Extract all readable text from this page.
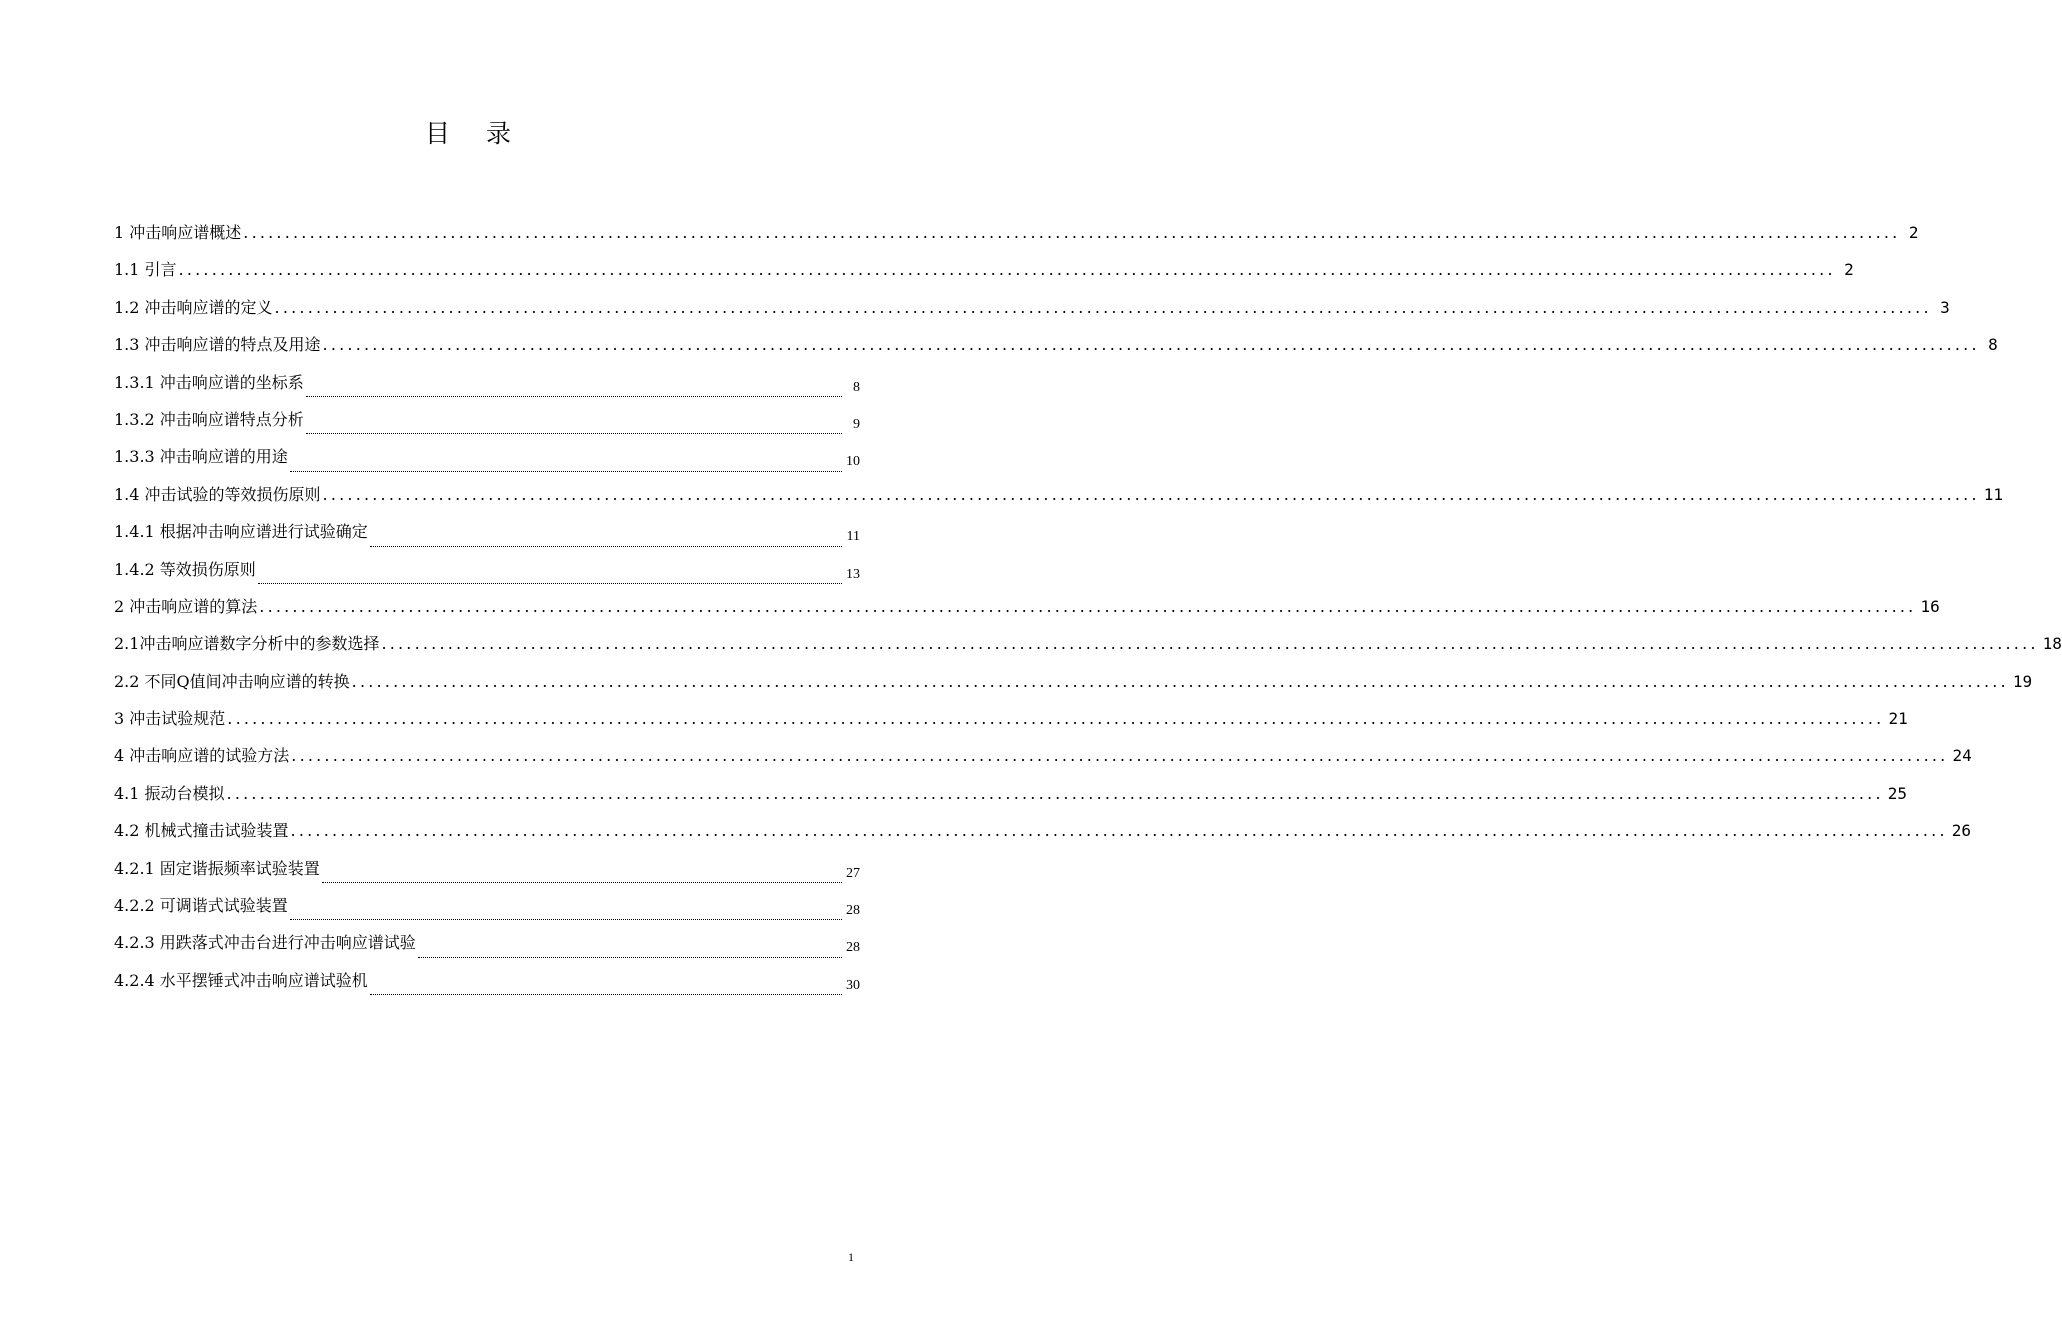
目 录
1 冲击响应谱概述 ........................................................................................................................................................................................................ 2
1.1 引言 ........................................................................................................................................................................................................ 2
1.2 冲击响应谱的定义 ........................................................................................................................................................................................................ 3
1.3 冲击响应谱的特点及用途 ........................................................................................................................................................................................................ 8
1.3.1 冲击响应谱的坐标系	8
1.3.2 冲击响应谱特点分析	9
1.3.3 冲击响应谱的用途	10
1.4 冲击试验的等效损伤原则 ........................................................................................................................................................................................................ 11
1.4.1 根据冲击响应谱进行试验确定	11
1.4.2 等效损伤原则	13
2 冲击响应谱的算法 ........................................................................................................................................................................................................ 16
2.1冲击响应谱数字分析中的参数选择 ........................................................................................................................................................................................................ 18
2.2 不同Q值间冲击响应谱的转换 ........................................................................................................................................................................................................ 19
3 冲击试验规范 ........................................................................................................................................................................................................ 21
4 冲击响应谱的试验方法 ........................................................................................................................................................................................................ 24
4.1 振动台模拟 ........................................................................................................................................................................................................ 25
4.2 机械式撞击试验装置 ........................................................................................................................................................................................................ 26
4.2.1 固定谐振频率试验装置	27
4.2.2 可调谐式试验装置	28
4.2.3 用跌落式冲击台进行冲击响应谱试验	28
4.2.4 水平摆锤式冲击响应谱试验机	30
1
